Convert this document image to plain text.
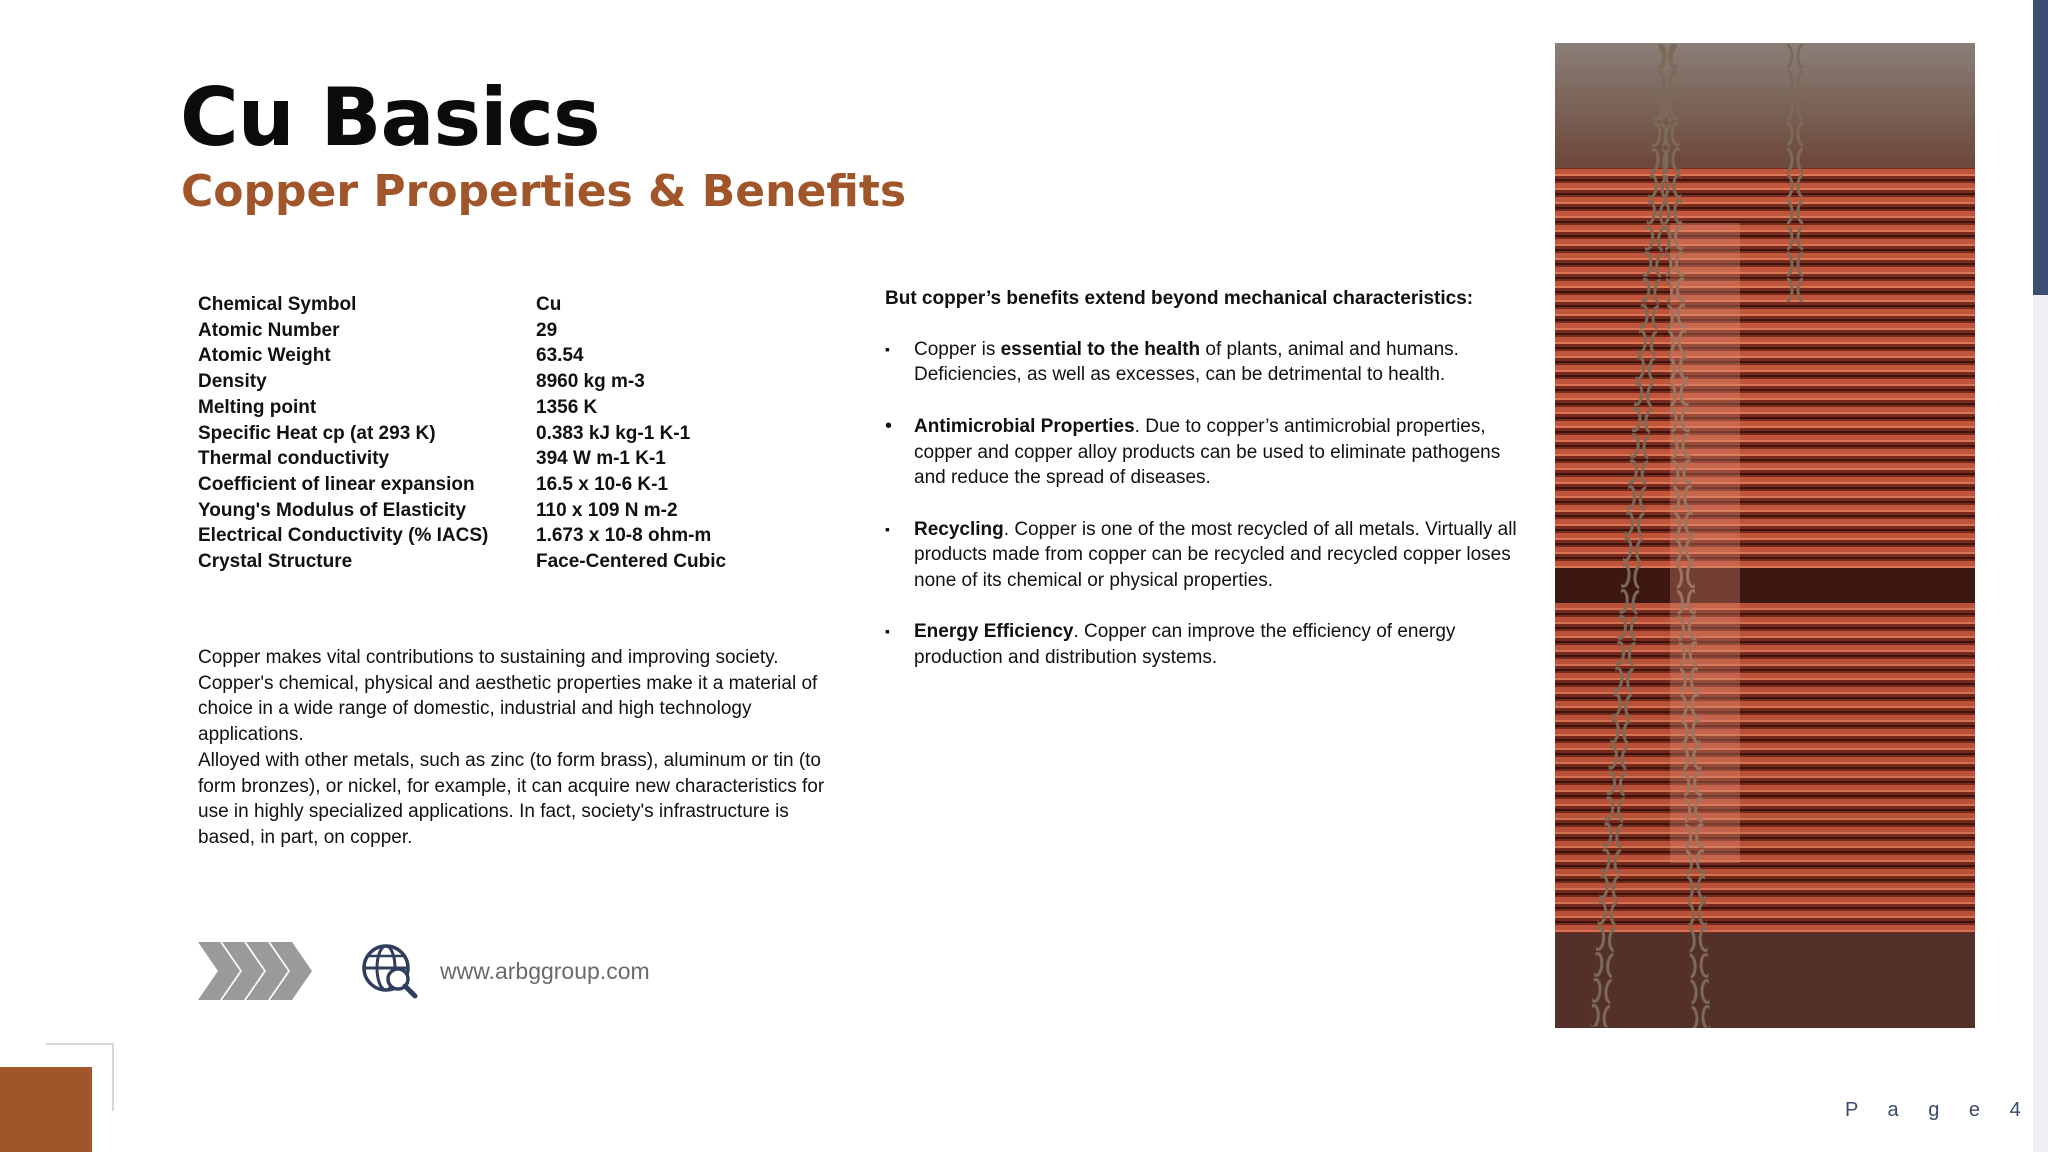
Cu Basics
Copper Properties & Benefits
Chemical Symbol	Cu
Atomic Number	29
Atomic Weight	63.54
Density	8960 kg m-3
Melting point	1356 K
Specific Heat cp (at 293 K)	0.383 kJ kg-1 K-1
Thermal conductivity	394 W m-1 K-1
Coefficient of linear expansion	16.5 x 10-6 K-1
Young's Modulus of Elasticity	110 x 109 N m-2
Electrical Conductivity (% IACS)	1.673 x 10-8 ohm-m
Crystal Structure	Face-Centered Cubic

Copper makes vital contributions to sustaining and improving society. Copper's chemical, physical and aesthetic properties make it a material of choice in a wide range of domestic, industrial and high technology applications.

Alloyed with other metals, such as zinc (to form brass), aluminum or tin (to form bronzes), or nickel, for example, it can acquire new characteristics for use in highly specialized applications. In fact, society's infrastructure is based, in part, on copper.

But copper’s benefits extend beyond mechanical characteristics:
▪	Copper is essential to the health of plants, animal and humans. Deficiencies, as well as excesses, can be detrimental to health.
•	Antimicrobial Properties. Due to copper’s antimicrobial properties, copper and copper alloy products can be used to eliminate pathogens and reduce the spread of diseases.
▪	Recycling. Copper is one of the most recycled of all metals. Virtually all products made from copper can be recycled and recycled copper loses none of its chemical or physical properties.
▪	Energy Efficiency. Copper can improve the efficiency of energy production and distribution systems.
www.arbggroup.com
P a g e 4
